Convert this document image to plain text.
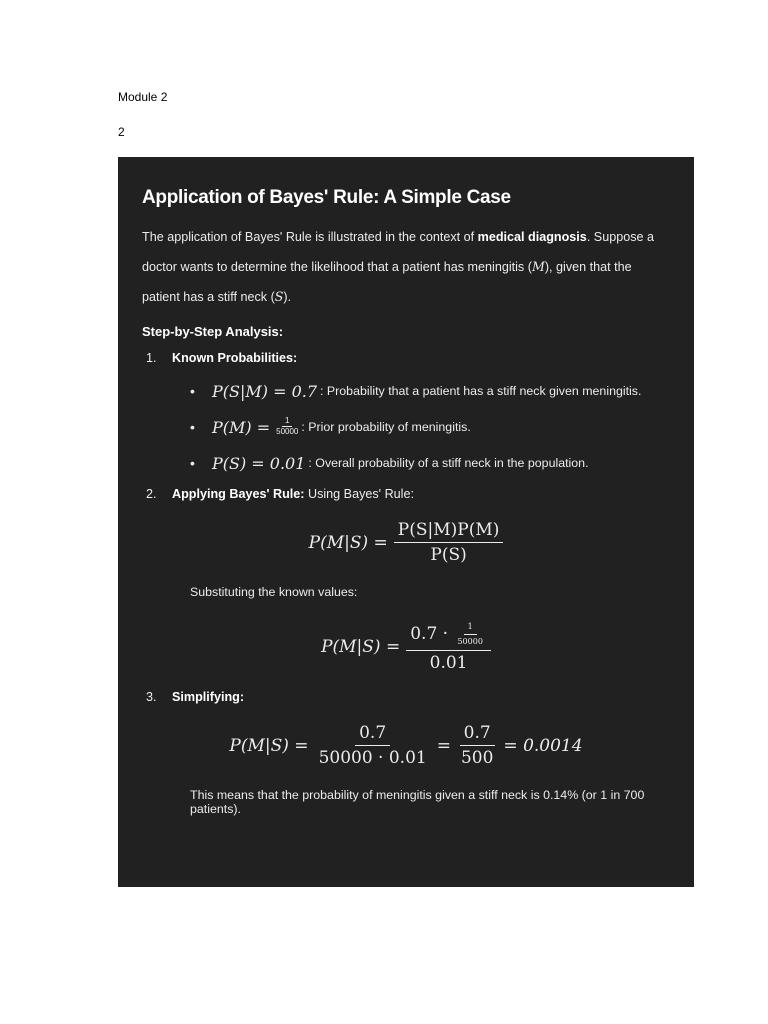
Module 2
2
Application of Bayes' Rule: A Simple Case

The application of Bayes' Rule is illustrated in the context of medical diagnosis. Suppose a doctor wants to determine the likelihood that a patient has meningitis (M), given that the patient has a stiff neck (S).

Step-by-Step Analysis:
1.	Known Probabilities:
•	P(S|M) = 0.7 : Probability that a patient has a stiff neck given meningitis.
•	$P(M) = \frac{1}{50000}$ : Prior probability of meningitis.
•	P(S) = 0.01 : Overall probability of a stiff neck in the population.
2.	Applying Bayes' Rule: Using Bayes' Rule:
$P(M|S) = \frac{P(S|M)P(M)}{P(S)}$
Substituting the known values:
$P(M|S) = \frac{0.7 \cdot \frac{1}{50000}}{0.01}$
3.	Simplifying:
$P(M|S) = \frac{0.7}{50000 \cdot 0.01} = \frac{0.7}{500} = 0.0014$
This means that the probability of meningitis given a stiff neck is 0.14% (or 1 in 700 patients).
